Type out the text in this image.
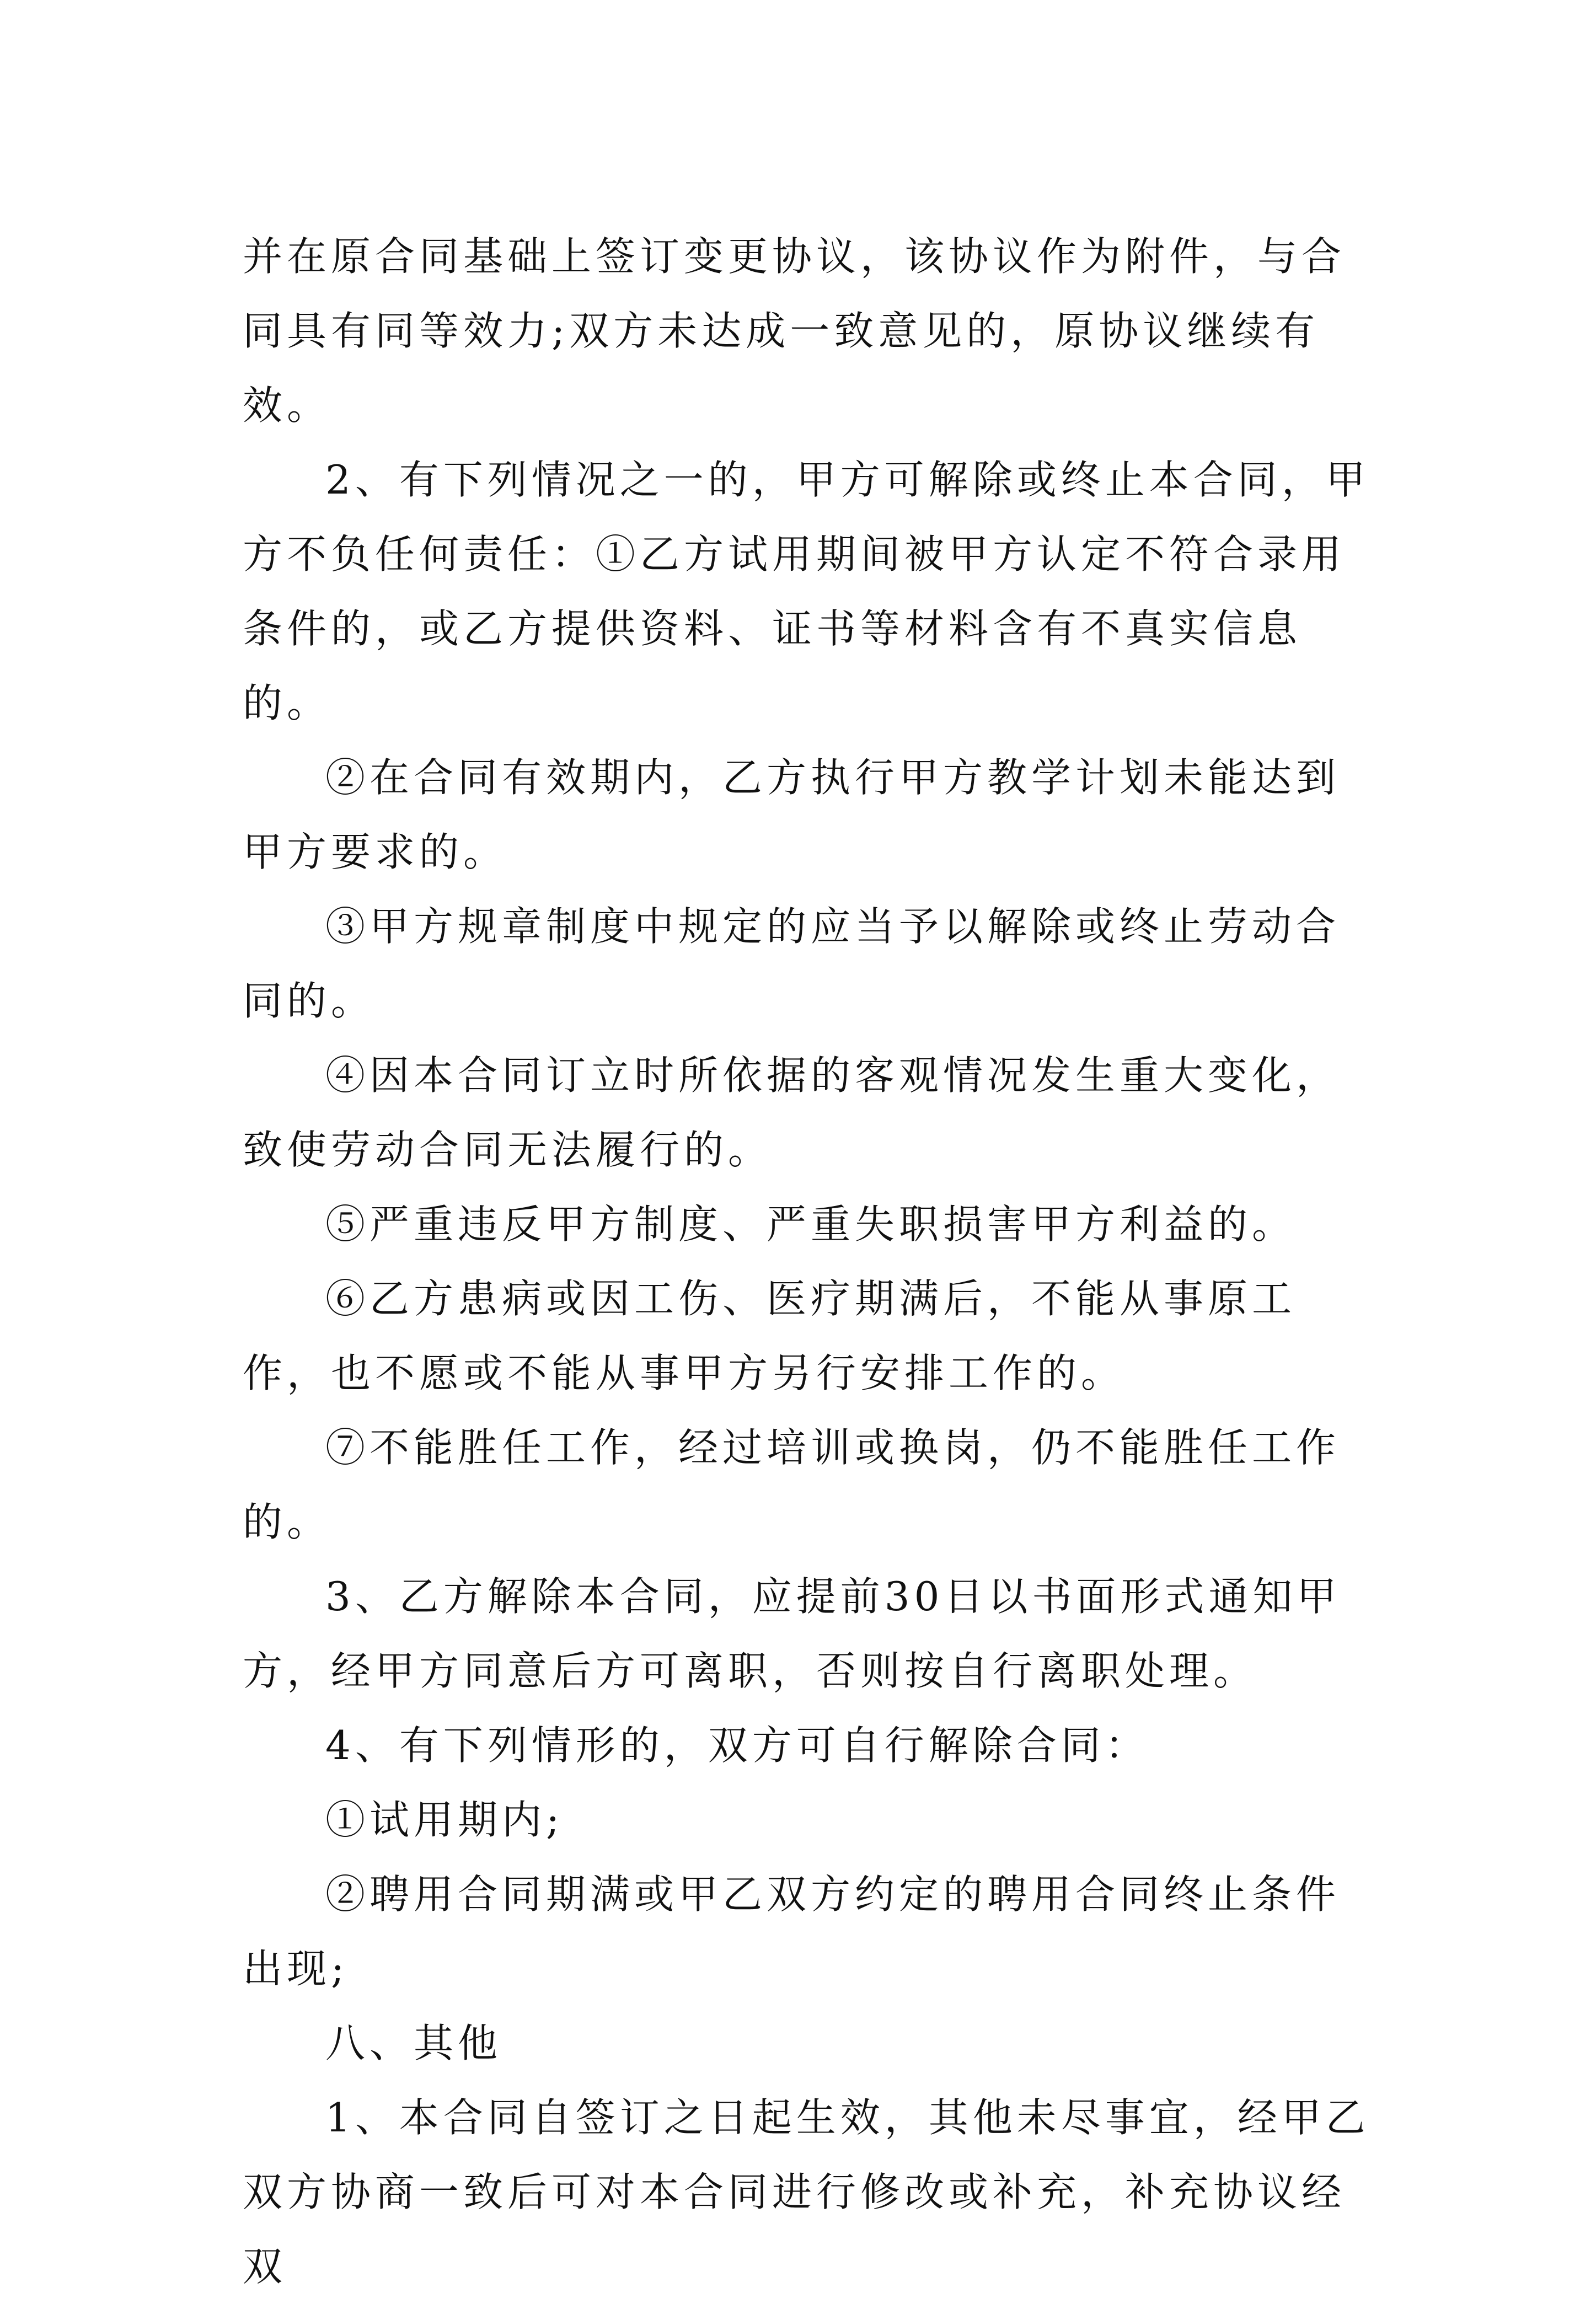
并在原合同基础上签订变更协议，该协议作为附件，与合同具有同等效力;双方未达成一致意见的，原协议继续有效。

2、有下列情况之一的，甲方可解除或终止本合同，甲方不负任何责任：①乙方试用期间被甲方认定不符合录用条件的，或乙方提供资料、证书等材料含有不真实信息的。

②在合同有效期内，乙方执行甲方教学计划未能达到甲方要求的。

③甲方规章制度中规定的应当予以解除或终止劳动合同的。

④因本合同订立时所依据的客观情况发生重大变化，致使劳动合同无法履行的。

⑤严重违反甲方制度、严重失职损害甲方利益的。

⑥乙方患病或因工伤、医疗期满后，不能从事原工作，也不愿或不能从事甲方另行安排工作的。

⑦不能胜任工作，经过培训或换岗，仍不能胜任工作的。

3、乙方解除本合同，应提前30日以书面形式通知甲方，经甲方同意后方可离职，否则按自行离职处理。

4、有下列情形的，双方可自行解除合同：

①试用期内;

②聘用合同期满或甲乙双方约定的聘用合同终止条件出现;

八、其他

1、本合同自签订之日起生效，其他未尽事宜，经甲乙双方协商一致后可对本合同进行修改或补充，补充协议经双
